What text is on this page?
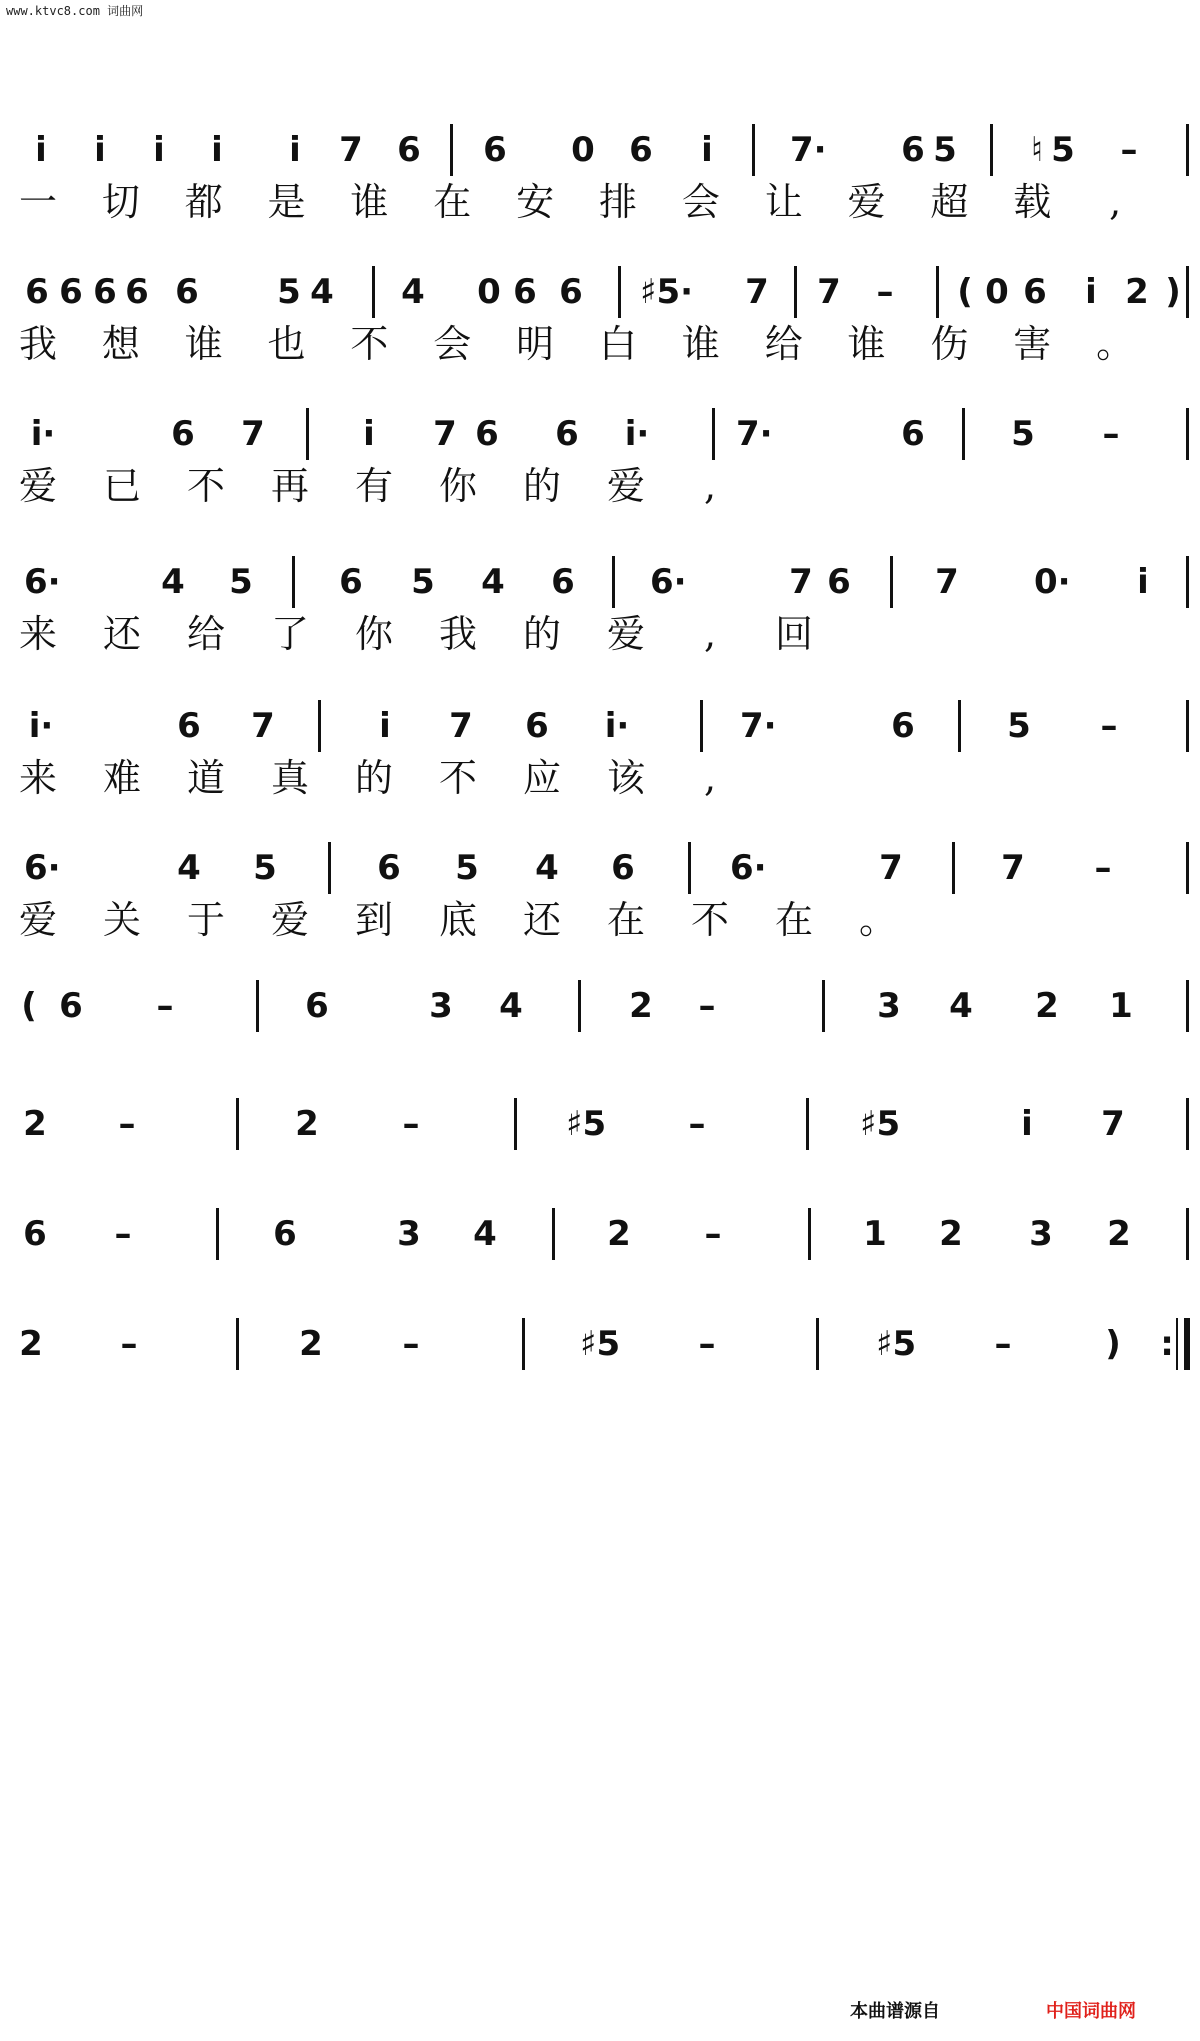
www.ktvc8.com 词曲网
i	i	i	i	i	7 6 6 0 6	i	7· 6 5 ♮ 5 –
一 切 都 是 谁 在 安 排 会 让 爱 超 载	,
6 6 6 6 6 5 4 4 0 6 6 ♯5· 7 7 – ( 0 6	i 2 )
我 想 谁 也 不 会 明 白 谁 给 谁 伤 害 。
i·	6 7	i	7 6 6 i·	7·	6	5 –
爱 已 不 再 有 你 的 爱	,
6·	4 5	6 5 4 6 6·	7 6 7 0·	i
来 还 给 了 你 我 的 爱	,	回
i·	6 7	i	7 6 i·	7·	6	5 –
来 难 道 真 的 不 应 该	,
6·	4 5	6 5 4 6	6·	7	7 –
爱 关 于 爱 到 底 还 在 不 在 。
( 6 –	6	3 4	2 –	3 4 2 1
2 –	2 –	♯5 –	♯5	i	7
6 –	6	3 4	2 –	1 2 3 2
2 –	2 –	♯5 –	♯5 –	) :
本曲谱源自	中国词曲网
